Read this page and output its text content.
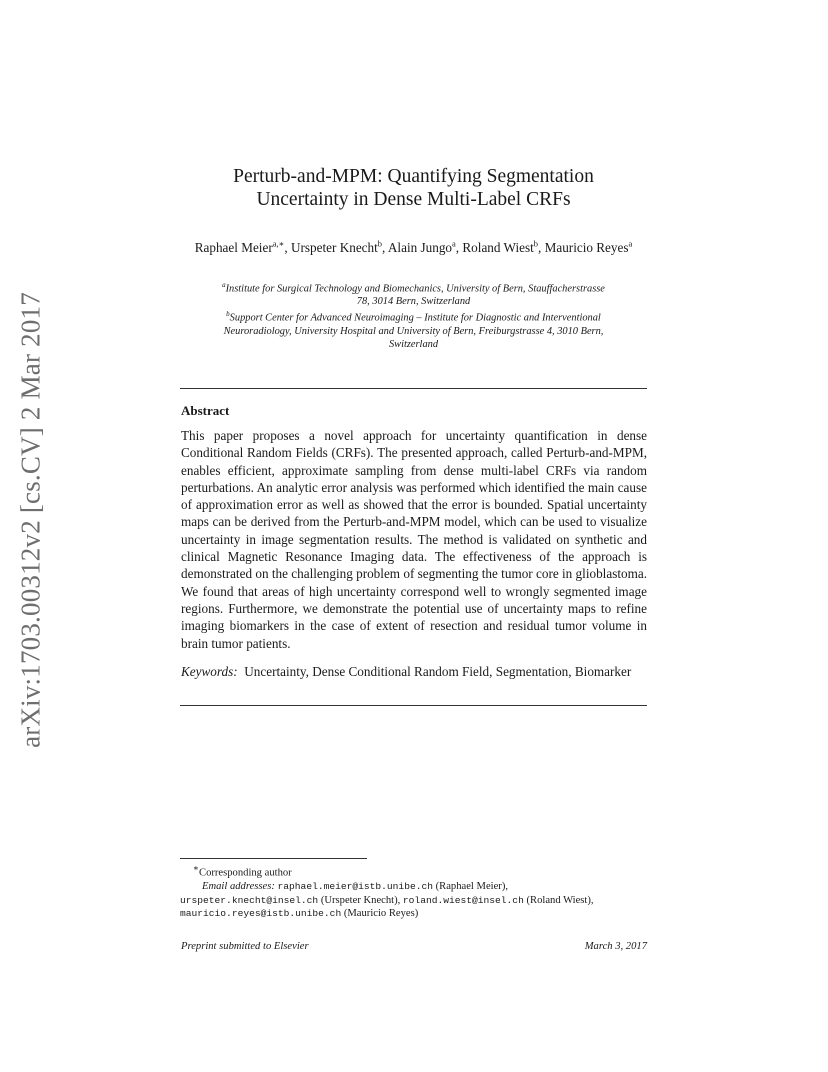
arXiv:1703.00312v2 [cs.CV] 2 Mar 2017
Perturb-and-MPM: Quantifying Segmentation
Uncertainty in Dense Multi-Label CRFs
Raphael Meier$^{a,∗}$, Urspeter Knecht$^b$, Alain Jungo$^a$, Roland Wiest$^b$, Mauricio Reyes$^a$
$^a$Institute for Surgical Technology and Biomechanics, University of Bern, Stauffacherstrasse
78, 3014 Bern, Switzerland
$^b$Support Center for Advanced Neuroimaging – Institute for Diagnostic and Interventional
Neuroradiology, University Hospital and University of Bern, Freiburgstrasse 4, 3010 Bern,
Switzerland
Abstract
This paper proposes a novel approach for uncertainty quantification in dense Conditional Random Fields (CRFs). The presented approach, called Perturb-and-MPM, enables efficient, approximate sampling from dense multi-label CRFs via random perturbations. An analytic error analysis was performed which identified the main cause of approximation error as well as showed that the error is bounded. Spatial uncertainty maps can be derived from the Perturb-and-MPM model, which can be used to visualize uncertainty in image segmentation results. The method is validated on synthetic and clinical Magnetic Resonance Imaging data. The effectiveness of the approach is demonstrated on the challenging problem of segmenting the tumor core in glioblastoma. We found that areas of high uncertainty correspond well to wrongly segmented image regions. Furthermore, we demonstrate the potential use of uncertainty maps to refine imaging biomarkers in the case of extent of resection and residual tumor volume in brain tumor patients.
Keywords: Uncertainty, Dense Conditional Random Field, Segmentation, Biomarker
∗Corresponding author
Email addresses: raphael.meier@istb.unibe.ch (Raphael Meier),
urspeter.knecht@insel.ch (Urspeter Knecht), roland.wiest@insel.ch (Roland Wiest),
mauricio.reyes@istb.unibe.ch (Mauricio Reyes)
Preprint submitted to Elsevier	March 3, 2017
